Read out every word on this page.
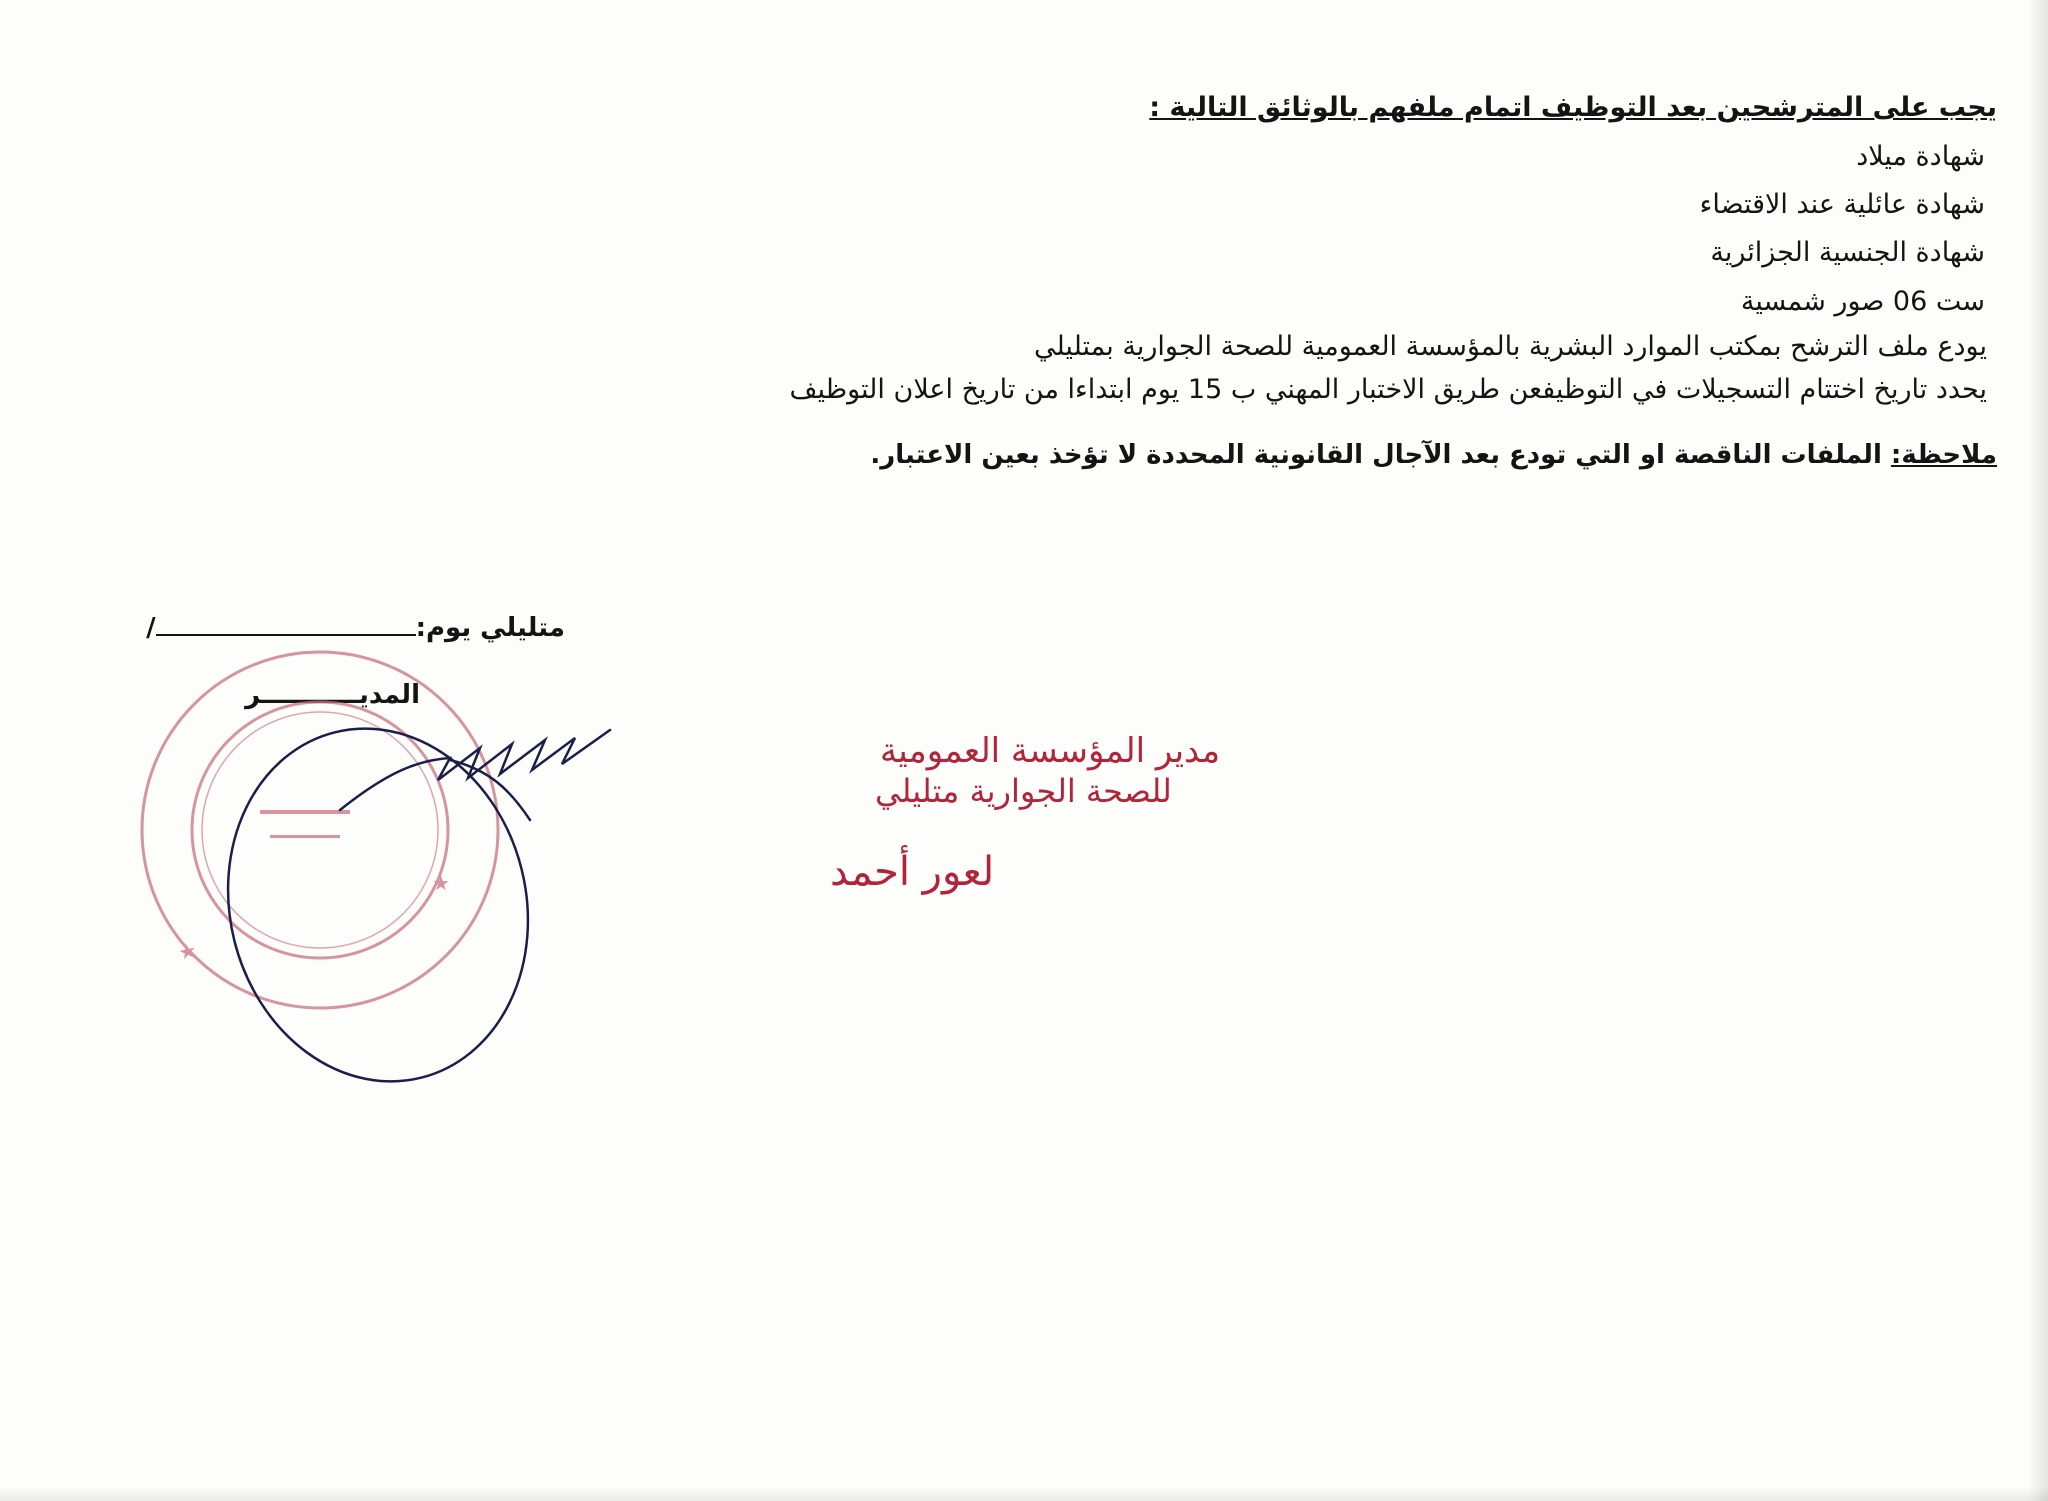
يجب على المترشحين بعد التوظيف اتمام ملفهم بالوثائق التالية :

شهادة ميلاد

شهادة عائلية عند الاقتضاء

شهادة الجنسية الجزائرية

ست 06 صور شمسية

يودع ملف الترشح بمكتب الموارد البشرية بالمؤسسة العمومية للصحة الجوارية بمتليلي

يحدد تاريخ اختتام التسجيلات في التوظيفعن طريق الاختبار المهني ب 15 يوم ابتداءا من تاريخ اعلان التوظيف

ملاحظة: الملفات الناقصة او التي تودع بعد الآجال القانونية المحددة لا تؤخذ بعين الاعتبار.

متليلي يوم:/

المديـــــــــــر

★
★
مدير المؤسسة العمومية
للصحة الجوارية متليلي
لعور أحمد
